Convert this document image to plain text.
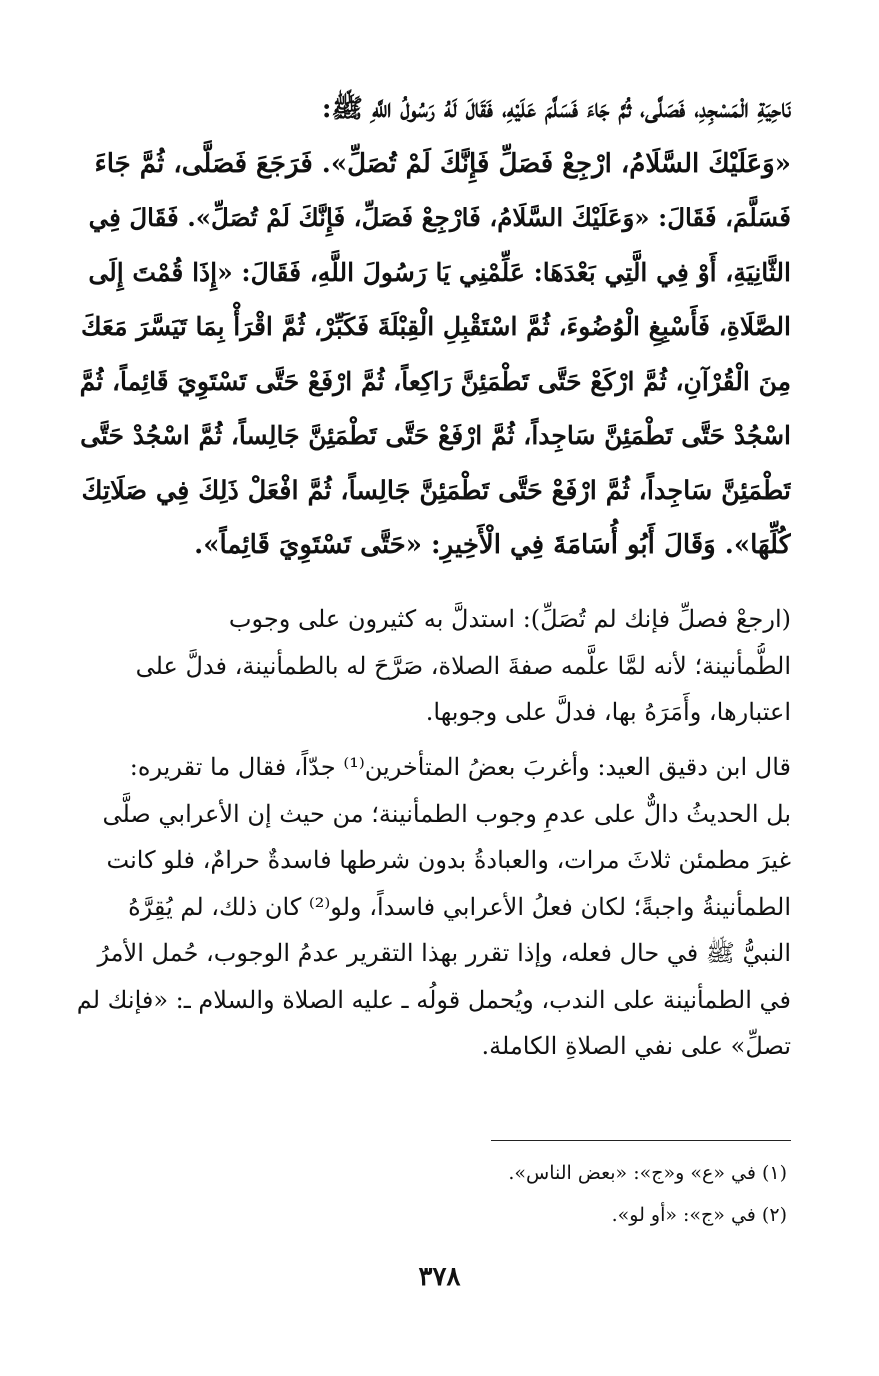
نَاحِيَةِ الْمَسْجِدِ، فَصَلَّى، ثُمَّ جَاءَ فَسَلَّمَ عَلَيْهِ، فَقَالَ لَهُ رَسُولُ اللَّهِ ﷺ:
«وَعَلَيْكَ السَّلَامُ، ارْجِعْ فَصَلِّ فَإِنَّكَ لَمْ تُصَلِّ». فَرَجَعَ فَصَلَّى، ثُمَّ جَاءَ
فَسَلَّمَ، فَقَالَ: «وَعَلَيْكَ السَّلَامُ، فَارْجِعْ فَصَلِّ، فَإِنَّكَ لَمْ تُصَلِّ». فَقَالَ فِي
الثَّانِيَةِ، أَوْ فِي الَّتِي بَعْدَهَا: عَلِّمْنِي يَا رَسُولَ اللَّهِ، فَقَالَ: «إِذَا قُمْتَ إِلَى
الصَّلَاةِ، فَأَسْبِغِ الْوُضُوءَ، ثُمَّ اسْتَقْبِلِ الْقِبْلَةَ فَكَبِّرْ، ثُمَّ اقْرَأْ بِمَا تَيَسَّرَ مَعَكَ
مِنَ الْقُرْآنِ، ثُمَّ ارْكَعْ حَتَّى تَطْمَئِنَّ رَاكِعاً، ثُمَّ ارْفَعْ حَتَّى تَسْتَوِيَ قَائِماً، ثُمَّ
اسْجُدْ حَتَّى تَطْمَئِنَّ سَاجِداً، ثُمَّ ارْفَعْ حَتَّى تَطْمَئِنَّ جَالِساً، ثُمَّ اسْجُدْ حَتَّى
تَطْمَئِنَّ سَاجِداً، ثُمَّ ارْفَعْ حَتَّى تَطْمَئِنَّ جَالِساً، ثُمَّ افْعَلْ ذَلِكَ فِي صَلَاتِكَ
كُلِّهَا». وَقَالَ أَبُو أُسَامَةَ فِي الْأَخِيرِ: «حَتَّى تَسْتَوِيَ قَائِماً».
(ارجعْ فصلِّ فإنك لم تُصَلِّ): استدلَّ به كثيرون على وجوب
الطُّمأنينة؛ لأنه لمَّا علَّمه صفةَ الصلاة، صَرَّحَ له بالطمأنينة، فدلَّ على
اعتبارها، وأَمَرَهُ بها، فدلَّ على وجوبها.
قال ابن دقيق العيد: وأغربَ بعضُ المتأخرين⁽¹⁾ جدّاً، فقال ما تقريره:
بل الحديثُ دالٌّ على عدمِ وجوب الطمأنينة؛ من حيث إن الأعرابي صلَّى
غيرَ مطمئن ثلاثَ مرات، والعبادةُ بدون شرطها فاسدةٌ حرامٌ، فلو كانت
الطمأنينةُ واجبةً؛ لكان فعلُ الأعرابي فاسداً، ولو⁽²⁾ كان ذلك، لم يُقِرَّهُ
النبيُّ ﷺ في حال فعله، وإذا تقرر بهذا التقرير عدمُ الوجوب، حُمل الأمرُ
في الطمأنينة على الندب، ويُحمل قولُه ـ عليه الصلاة والسلام ـ: «فإنك لم
تصلِّ» على نفي الصلاةِ الكاملة.
(١) في «ع» و«ج»: «بعض الناس».
(٢) في «ج»: «أو لو».
٣٧٨
